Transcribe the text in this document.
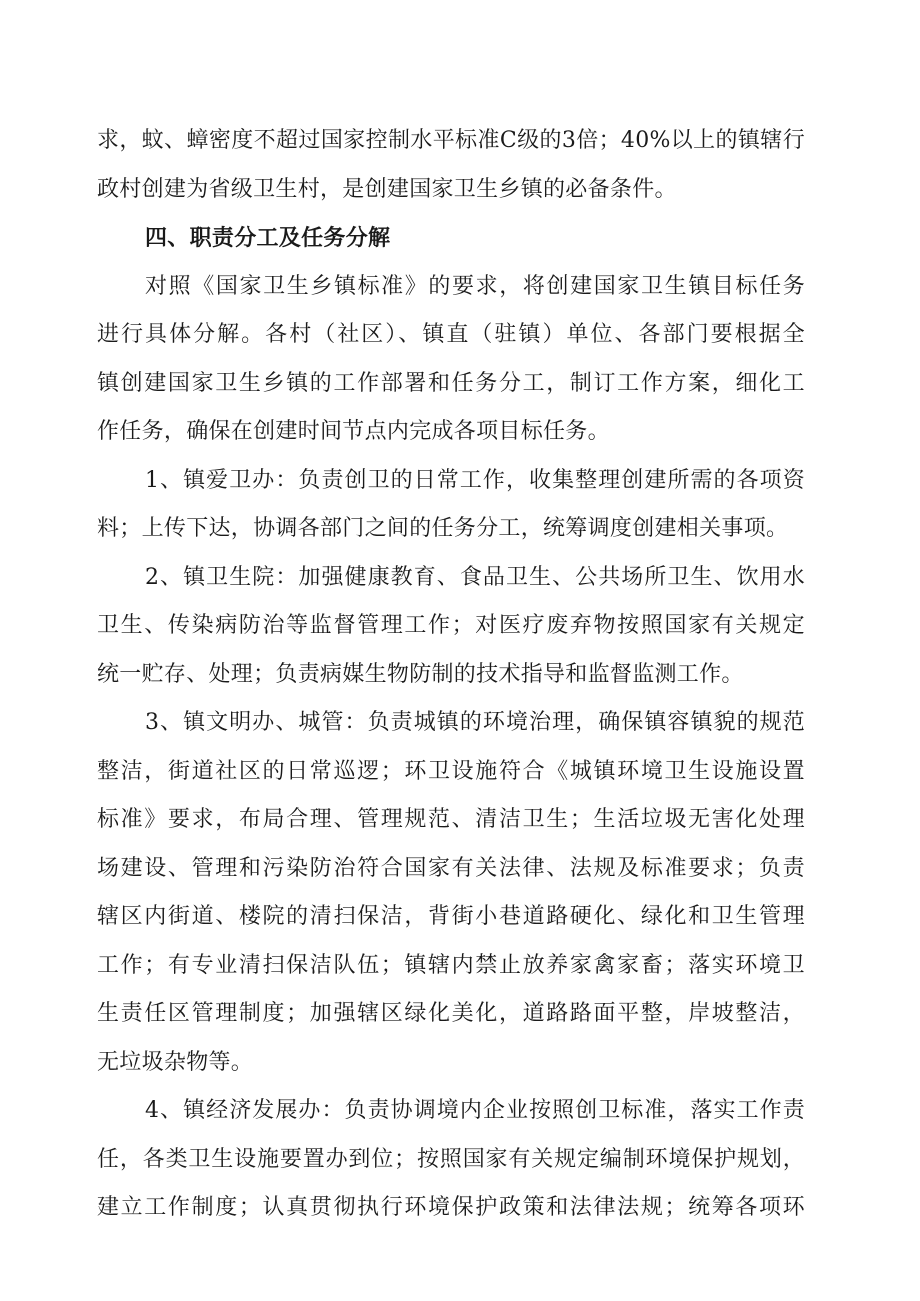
求，蚊、蟑密度不超过国家控制水平标准C级的3倍；40%以上的镇辖行
政村创建为省级卫生村，是创建国家卫生乡镇的必备条件。
四、职责分工及任务分解
对照《国家卫生乡镇标准》的要求，将创建国家卫生镇目标任务
进行具体分解。各村（社区）、镇直（驻镇）单位、各部门要根据全
镇创建国家卫生乡镇的工作部署和任务分工，制订工作方案，细化工
作任务，确保在创建时间节点内完成各项目标任务。
1、镇爱卫办：负责创卫的日常工作，收集整理创建所需的各项资
料；上传下达，协调各部门之间的任务分工，统筹调度创建相关事项。
2、镇卫生院：加强健康教育、食品卫生、公共场所卫生、饮用水
卫生、传染病防治等监督管理工作；对医疗废弃物按照国家有关规定
统一贮存、处理；负责病媒生物防制的技术指导和监督监测工作。
3、镇文明办、城管：负责城镇的环境治理，确保镇容镇貌的规范
整洁，街道社区的日常巡逻；环卫设施符合《城镇环境卫生设施设置
标准》要求，布局合理、管理规范、清洁卫生；生活垃圾无害化处理
场建设、管理和污染防治符合国家有关法律、法规及标准要求；负责
辖区内街道、楼院的清扫保洁，背街小巷道路硬化、绿化和卫生管理
工作；有专业清扫保洁队伍；镇辖内禁止放养家禽家畜；落实环境卫
生责任区管理制度；加强辖区绿化美化，道路路面平整，岸坡整洁，
无垃圾杂物等。
4、镇经济发展办：负责协调境内企业按照创卫标准，落实工作责
任，各类卫生设施要置办到位；按照国家有关规定编制环境保护规划，
建立工作制度；认真贯彻执行环境保护政策和法律法规；统筹各项环
